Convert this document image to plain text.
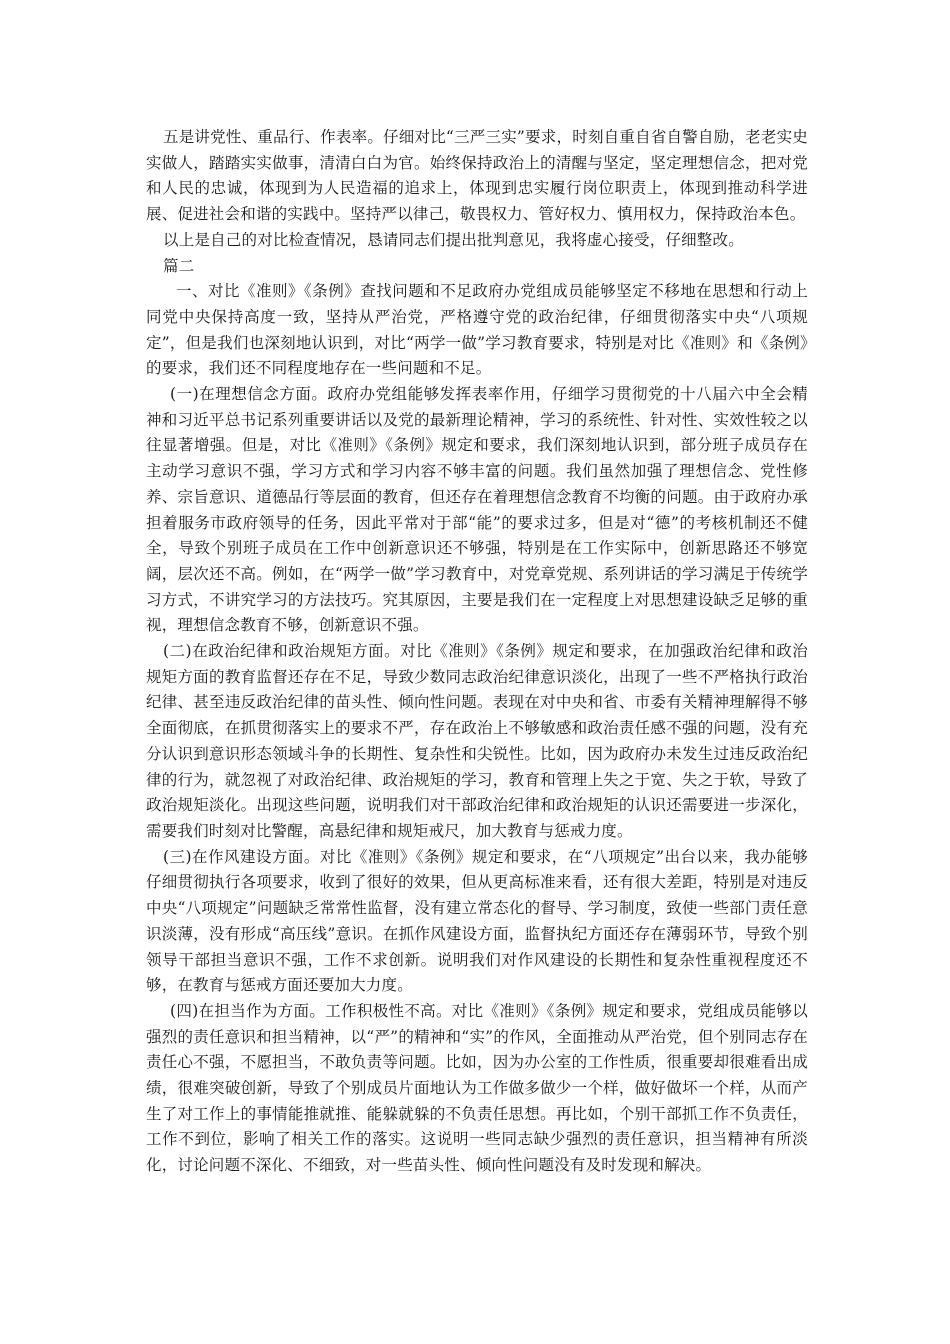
五是讲党性、重品行、作表率。仔细对比“三严三实”要求，时刻自重自省自警自励，老老实史实做人，踏踏实实做事，清清白白为官。始终保持政治上的清醒与坚定，坚定理想信念，把对党和人民的忠诚，体现到为人民造福的追求上，体现到忠实履行岗位职责上，体现到推动科学进展、促进社会和谐的实践中。坚持严以律己，敬畏权力、管好权力、慎用权力，保持政治本色。

以上是自己的对比检查情况，恳请同志们提出批判意见，我将虚心接受，仔细整改。

篇二

一、对比《准则》《条例》查找问题和不足政府办党组成员能够坚定不移地在思想和行动上同党中央保持高度一致，坚持从严治党，严格遵守党的政治纪律，仔细贯彻落实中央“八项规定”，但是我们也深刻地认识到，对比“两学一做”学习教育要求，特别是对比《准则》和《条例》的要求，我们还不同程度地存在一些问题和不足。

(一)在理想信念方面。政府办党组能够发挥表率作用，仔细学习贯彻党的十八届六中全会精神和习近平总书记系列重要讲话以及党的最新理论精神，学习的系统性、针对性、实效性较之以往显著增强。但是，对比《准则》《条例》规定和要求，我们深刻地认识到，部分班子成员存在主动学习意识不强，学习方式和学习内容不够丰富的问题。我们虽然加强了理想信念、党性修养、宗旨意识、道德品行等层面的教育，但还存在着理想信念教育不均衡的问题。由于政府办承担着服务市政府领导的任务，因此平常对于部“能”的要求过多，但是对“德”的考核机制还不健全，导致个别班子成员在工作中创新意识还不够强，特别是在工作实际中，创新思路还不够宽阔，层次还不高。例如，在“两学一做”学习教育中，对党章党规、系列讲话的学习满足于传统学习方式，不讲究学习的方法技巧。究其原因，主要是我们在一定程度上对思想建设缺乏足够的重视，理想信念教育不够，创新意识不强。

(二)在政治纪律和政治规矩方面。对比《准则》《条例》规定和要求，在加强政治纪律和政治规矩方面的教育监督还存在不足，导致少数同志政治纪律意识淡化，出现了一些不严格执行政治纪律、甚至违反政治纪律的苗头性、倾向性问题。表现在对中央和省、市委有关精神理解得不够全面彻底，在抓贯彻落实上的要求不严，存在政治上不够敏感和政治责任感不强的问题，没有充分认识到意识形态领域斗争的长期性、复杂性和尖锐性。比如，因为政府办未发生过违反政治纪律的行为，就忽视了对政治纪律、政治规矩的学习，教育和管理上失之于宽、失之于软，导致了政治规矩淡化。出现这些问题，说明我们对干部政治纪律和政治规矩的认识还需要进一步深化，需要我们时刻对比警醒，高悬纪律和规矩戒尺，加大教育与惩戒力度。

(三)在作风建设方面。对比《准则》《条例》规定和要求，在“八项规定”出台以来，我办能够仔细贯彻执行各项要求，收到了很好的效果，但从更高标准来看，还有很大差距，特别是对违反中央“八项规定”问题缺乏常常性监督，没有建立常态化的督导、学习制度，致使一些部门责任意识淡薄，没有形成“高压线”意识。在抓作风建设方面，监督执纪方面还存在薄弱环节，导致个别领导干部担当意识不强，工作不求创新。说明我们对作风建设的长期性和复杂性重视程度还不够，在教育与惩戒方面还要加大力度。

(四)在担当作为方面。工作积极性不高。对比《准则》《条例》规定和要求，党组成员能够以强烈的责任意识和担当精神，以“严”的精神和“实”的作风，全面推动从严治党，但个别同志存在责任心不强，不愿担当，不敢负责等问题。比如，因为办公室的工作性质，很重要却很难看出成绩，很难突破创新，导致了个别成员片面地认为工作做多做少一个样，做好做坏一个样，从而产生了对工作上的事情能推就推、能躲就躲的不负责任思想。再比如，个别干部抓工作不负责任，工作不到位，影响了相关工作的落实。这说明一些同志缺少强烈的责任意识，担当精神有所淡化，讨论问题不深化、不细致，对一些苗头性、倾向性问题没有及时发现和解决。
